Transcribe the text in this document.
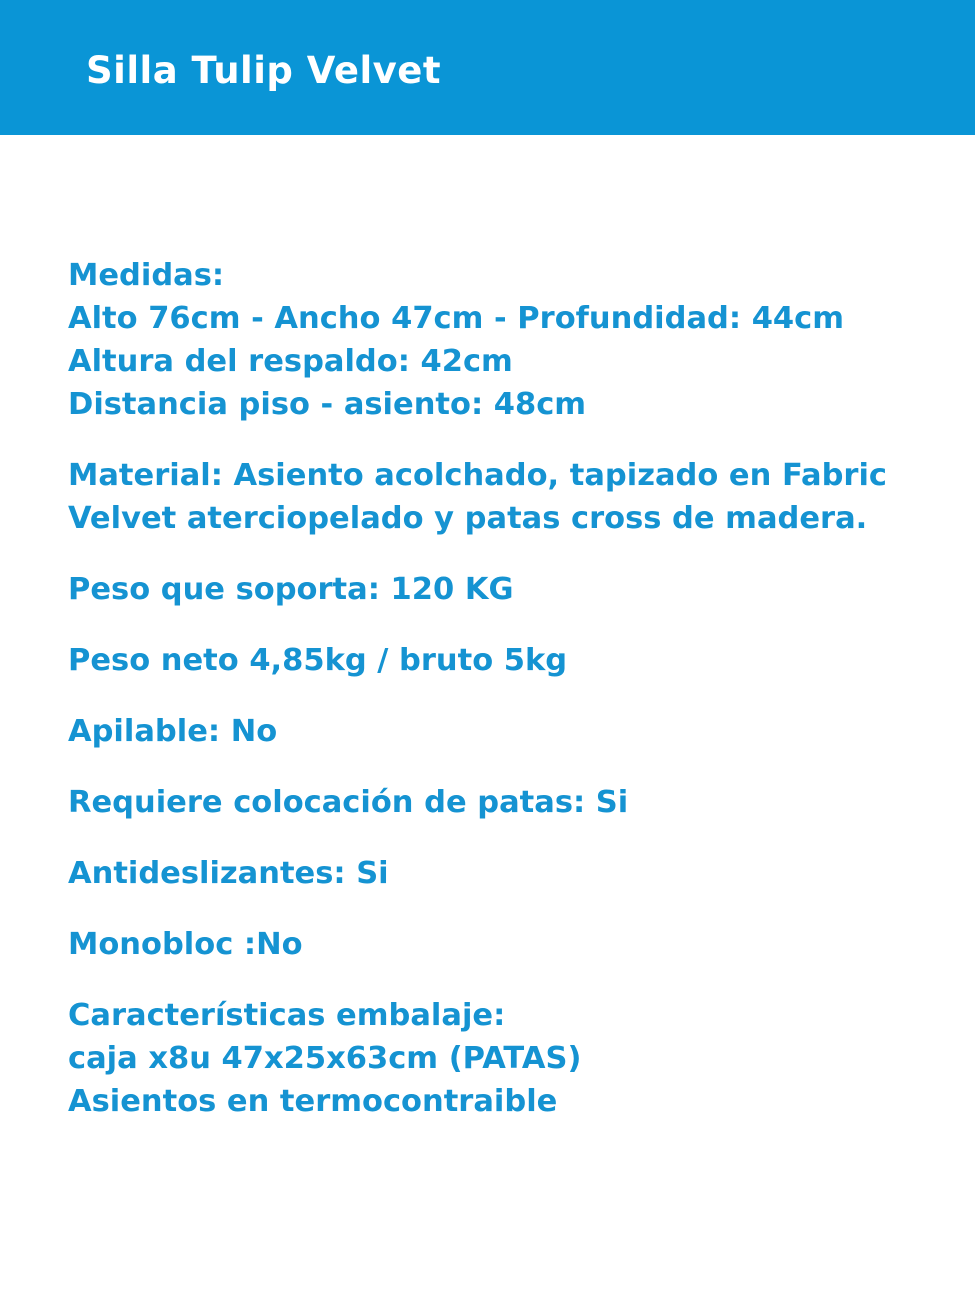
Silla Tulip Velvet
Medidas:
Alto 76cm - Ancho 47cm - Profundidad: 44cm
Altura del respaldo: 42cm
Distancia piso - asiento: 48cm
Material: Asiento acolchado, tapizado en Fabric
Velvet aterciopelado y patas cross de madera.
Peso que soporta: 120 KG
Peso neto 4,85kg / bruto 5kg
Apilable: No
Requiere colocación de patas: Si
Antideslizantes: Si
Monobloc :No
Características embalaje:
caja x8u 47x25x63cm (PATAS)
Asientos en termocontraible
